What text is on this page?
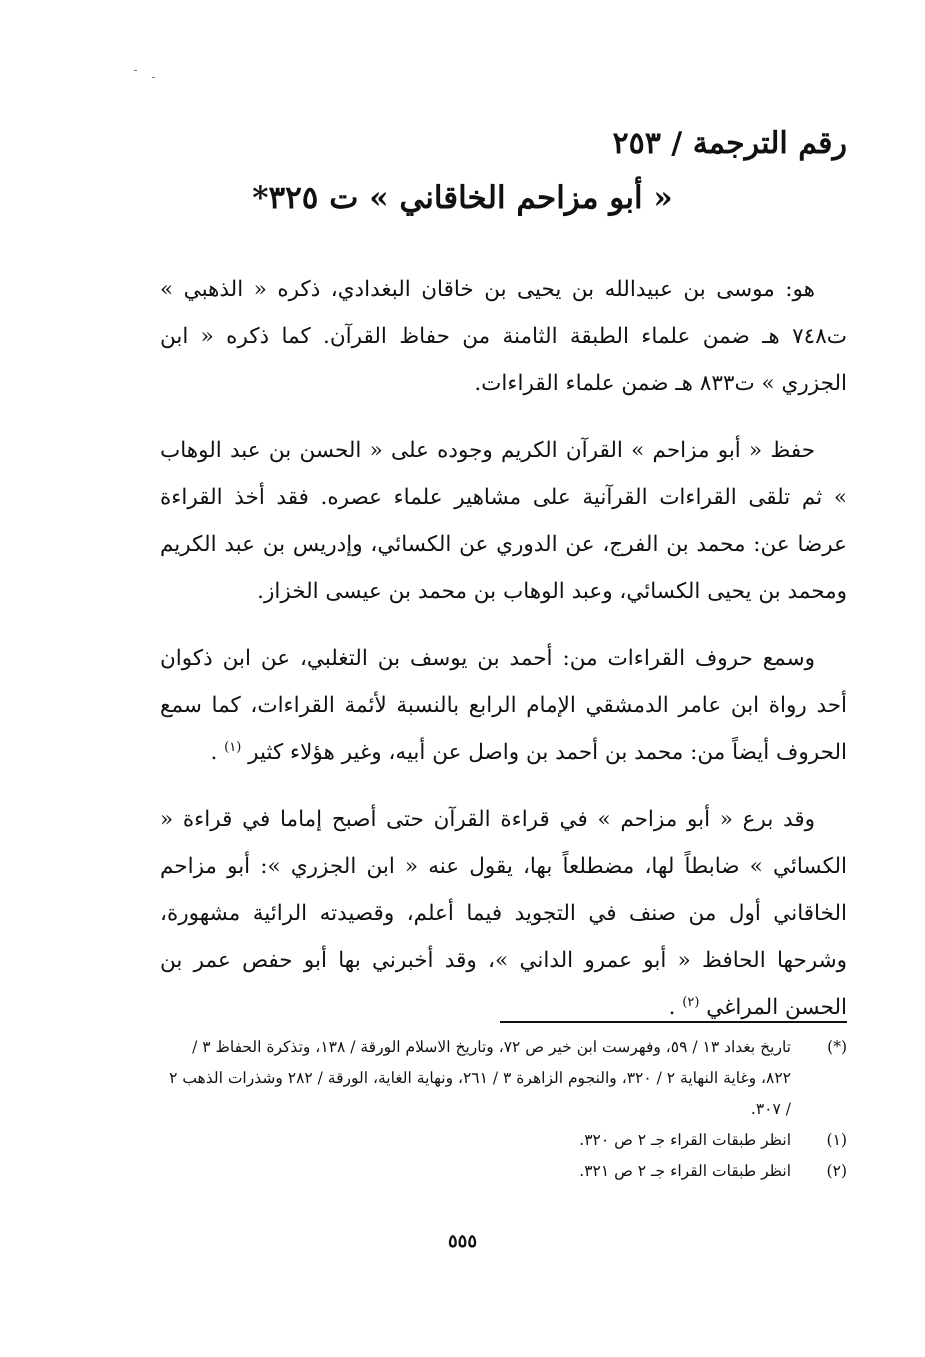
رقم الترجمة / ٢٥٣
« أبو مزاحم الخاقاني » ت ٣٢٥*

هو: موسى بن عبيدالله بن يحيى بن خاقان البغدادي، ذكره « الذهبي » ت٧٤٨ هـ ضمن علماء الطبقة الثامنة من حفاظ القرآن. كما ذكره « ابن الجزري » ت٨٣٣ هـ ضمن علماء القراءات.

حفظ « أبو مزاحم » القرآن الكريم وجوده على « الحسن بن عبد الوهاب » ثم تلقى القراءات القرآنية على مشاهير علماء عصره. فقد أخذ القراءة عرضا عن: محمد بن الفرج، عن الدوري عن الكسائي، وإدريس بن عبد الكريم ومحمد بن يحيى الكسائي، وعبد الوهاب بن محمد بن عيسى الخزاز.

وسمع حروف القراءات من: أحمد بن يوسف بن التغلبي، عن ابن ذكوان أحد رواة ابن عامر الدمشقي الإمام الرابع بالنسبة لأئمة القراءات، كما سمع الحروف أيضاً من: محمد بن أحمد بن واصل عن أبيه، وغير هؤلاء كثير $^{(١)}$ .

وقد برع « أبو مزاحم » في قراءة القرآن حتى أصبح إماما في قراءة « الكسائي » ضابطاً لها، مضطلعاً بها، يقول عنه « ابن الجزري »: أبو مزاحم الخاقاني أول من صنف في التجويد فيما أعلم، وقصيدته الرائية مشهورة، وشرحها الحافظ « أبو عمرو الداني »، وقد أخبرني بها أبو حفص عمر بن الحسن المراغي $^{(٢)}$ .

(*)
تاريخ بغداد ١٣ / ٥٩، وفهرست ابن خير ص ٧٢، وتاريخ الاسلام الورقة / ١٣٨، وتذكرة الحفاظ ٣ / ٨٢٢، وغاية النهاية ٢ / ٣٢٠، والنجوم الزاهرة ٣ / ٢٦١، ونهاية الغاية، الورقة / ٢٨٢ وشذرات الذهب ٢ / ٣٠٧.
(١)
انظر طبقات القراء جـ ٢ ص ٣٢٠.
(٢)
انظر طبقات القراء جـ ٢ ص ٣٢١.
٥٥٥
